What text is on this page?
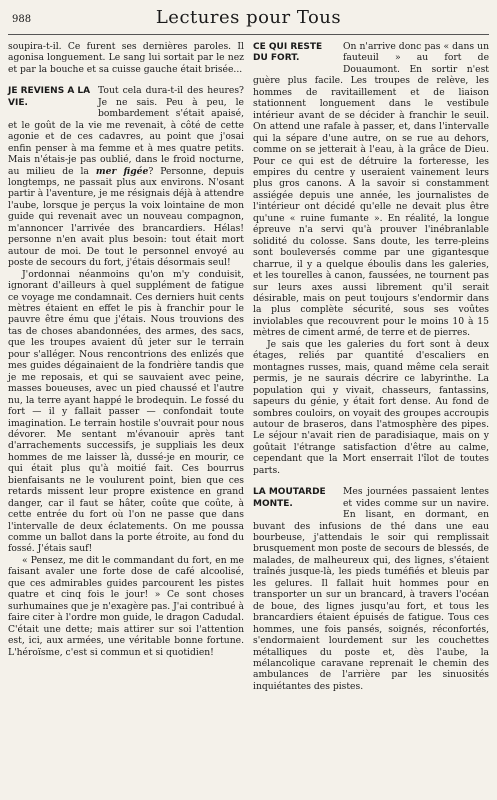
988	Lectures pour Tous

soupira-t-il. Ce furent ses dernières paroles. Il agonisa longuement. Le sang lui sortait par le nez et par la bouche et sa cuisse gauche était brisée...

JE REVIENS A LA VIE.

Tout cela dura-t-il des heures? Je ne sais. Peu à peu, le bombardement s'était apaisé, et le goût de la vie me revenait, à côté de cette agonie et de ces cadavres, au point que j'osai enfin penser à ma femme et à mes quatre petits. Mais n'étais-je pas oublié, dans le froid nocturne, au milieu de la mer figée? Personne, depuis longtemps, ne passait plus aux environs. N'osant partir à l'aventure, je me résignais déjà à attendre l'aube, lorsque je perçus la voix lointaine de mon guide qui revenait avec un nouveau compagnon, m'annoncer l'arrivée des brancardiers. Hélas! personne n'en avait plus besoin: tout était mort autour de moi. De tout le personnel envoyé au poste de secours du fort, j'étais désormais seul!

J'ordonnai néanmoins qu'on m'y conduisit, ignorant d'ailleurs à quel supplément de fatigue ce voyage me condamnait. Ces derniers huit cents mètres étaient en effet le pis à franchir pour le pauvre être ému que j'étais. Nous trouvions des tas de choses abandonnées, des armes, des sacs, que les troupes avaient dû jeter sur le terrain pour s'alléger. Nous rencontrions des enlizés que mes guides dégainaient de la fondrière tandis que je me reposais, et qui se sauvaient avec peine, masses boueuses, avec un pied chaussé et l'autre nu, la terre ayant happé le brodequin. Le fossé du fort — il y fallait passer — confondait toute imagination. Le terrain hostile s'ouvrait pour nous dévorer. Me sentant m'évanouir après tant d'arrachements successifs, je suppliais les deux hommes de me laisser là, dussé-je en mourir, ce qui était plus qu'à moitié fait. Ces bourrus bienfaisants ne le voulurent point, bien que ces retards missent leur propre existence en grand danger, car il faut se hâter, coûte que coûte, à cette entrée du fort où l'on ne passe que dans l'intervalle de deux éclatements. On me poussa comme un ballot dans la porte étroite, au fond du fossé. J'étais sauf!

« Pensez, me dit le commandant du fort, en me faisant avaler une forte dose de café alcoolisé, que ces admirables guides parcourent les pistes quatre et cinq fois le jour! » Ce sont choses surhumaines que je n'exagère pas. J'ai contribué à faire citer à l'ordre mon guide, le dragon Cadudal. C'était une dette; mais attirer sur soi l'attention est, ici, aux armées, une véritable bonne fortune. L'héroïsme, c'est si commun et si quotidien!

CE QUI RESTE DU FORT.

On n'arrive donc pas « dans un fauteuil » au fort de Douaumont. En sortir n'est guère plus facile. Les troupes de relève, les hommes de ravitaillement et de liaison stationnent longuement dans le vestibule intérieur avant de se décider à franchir le seuil. On attend une rafale à passer, et, dans l'intervalle qui la sépare d'une autre, on se rue au dehors, comme on se jetterait à l'eau, à la grâce de Dieu. Pour ce qui est de détruire la forteresse, les empires du centre y useraient vainement leurs plus gros canons. A la savoir si constamment assiégée depuis une année, les journalistes de l'intérieur ont décidé qu'elle ne devait plus être qu'une « ruine fumante ». En réalité, la longue épreuve n'a servi qu'à prouver l'inébranlable solidité du colosse. Sans doute, les terre-pleins sont bouleversés comme par une gigantesque charrue, il y a quelque éboulis dans les galeries, et les tourelles à canon, faussées, ne tournent pas sur leurs axes aussi librement qu'il serait désirable, mais on peut toujours s'endormir dans la plus complète sécurité, sous ses voûtes inviolables que recouvrent pour le moins 10 à 15 mètres de ciment armé, de terre et de pierres.

Je sais que les galeries du fort sont à deux étages, reliés par quantité d'escaliers en montagnes russes, mais, quand même cela serait permis, je ne saurais décrire ce labyrinthe. La population qui y vivait, chasseurs, fantassins, sapeurs du génie, y était fort dense. Au fond de sombres couloirs, on voyait des groupes accroupis autour de braseros, dans l'atmosphère des pipes. Le séjour n'avait rien de paradisiaque, mais on y goûtait l'étrange satisfaction d'être au calme, cependant que la Mort enserrait l'îlot de toutes parts.

LA MOUTARDE MONTE.

Mes journées passaient lentes et vides comme sur un navire. En lisant, en dormant, en buvant des infusions de thé dans une eau bourbeuse, j'attendais le soir qui remplissait brusquement mon poste de secours de blessés, de malades, de malheureux qui, des lignes, s'étaient traînés jusque-là, les pieds tuméfiés et bleuis par les gelures. Il fallait huit hommes pour en transporter un sur un brancard, à travers l'océan de boue, des lignes jusqu'au fort, et tous les brancardiers étaient épuisés de fatigue. Tous ces hommes, une fois pansés, soignés, réconfortés, s'endormaient lourdement sur les couchettes métalliques du poste et, dès l'aube, la mélancolique caravane reprenait le chemin des ambulances de l'arrière par les sinuosités inquiétantes des pistes.
